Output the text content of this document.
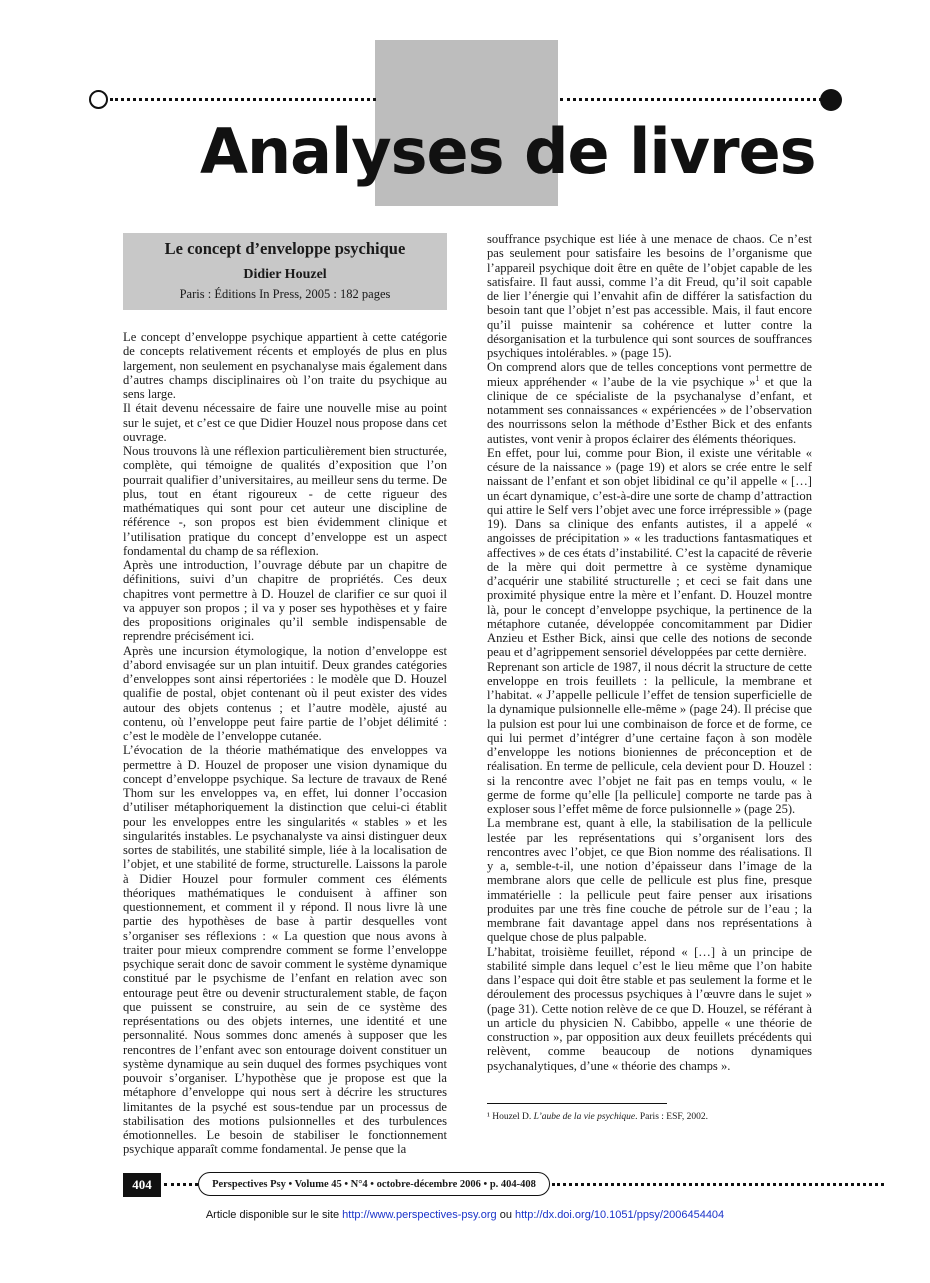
Analyses de livres
Le concept d’enveloppe psychique
Didier Houzel
Paris : Éditions In Press, 2005 : 182 pages

Le concept d’enveloppe psychique appartient à cette catégorie de concepts relativement récents et employés de plus en plus largement, non seulement en psychanalyse mais également dans d’autres champs disciplinaires où l’on traite du psychique au sens large.

Il était devenu nécessaire de faire une nouvelle mise au point sur le sujet, et c’est ce que Didier Houzel nous propose dans cet ouvrage.

Nous trouvons là une réflexion particulièrement bien structurée, complète, qui témoigne de qualités d’exposition que l’on pourrait qualifier d’universitaires, au meilleur sens du terme. De plus, tout en étant rigoureux - de cette rigueur des mathématiques qui sont pour cet auteur une discipline de référence -, son propos est bien évidemment clinique et l’utilisation pratique du concept d’enveloppe est un aspect fondamental du champ de sa réflexion.

Après une introduction, l’ouvrage débute par un chapitre de définitions, suivi d’un chapitre de propriétés. Ces deux chapitres vont permettre à D. Houzel de clarifier ce sur quoi il va appuyer son propos ; il va y poser ses hypothèses et y faire des propositions originales qu’il semble indispensable de reprendre précisément ici.

Après une incursion étymologique, la notion d’enveloppe est d’abord envisagée sur un plan intuitif. Deux grandes catégories d’enveloppes sont ainsi répertoriées : le modèle que D. Houzel qualifie de postal, objet contenant où il peut exister des vides autour des objets contenus ; et l’autre modèle, ajusté au contenu, où l’enveloppe peut faire partie de l’objet délimité : c’est le modèle de l’enveloppe cutanée.

L’évocation de la théorie mathématique des enveloppes va permettre à D. Houzel de proposer une vision dynamique du concept d’enveloppe psychique. Sa lecture de travaux de René Thom sur les enveloppes va, en effet, lui donner l’occasion d’utiliser métaphoriquement la distinction que celui-ci établit pour les enveloppes entre les singularités « stables » et les singularités instables. Le psychanalyste va ainsi distinguer deux sortes de stabilités, une stabilité simple, liée à la localisation de l’objet, et une stabilité de forme, structurelle. Laissons la parole à Didier Houzel pour formuler comment ces éléments théoriques mathématiques le conduisent à affiner son questionnement, et comment il y répond. Il nous livre là une partie des hypothèses de base à partir desquelles vont s’organiser ses réflexions : « La question que nous avons à traiter pour mieux comprendre comment se forme l’enveloppe psychique serait donc de savoir comment le système dynamique constitué par le psychisme de l’enfant en relation avec son entourage peut être ou devenir structuralement stable, de façon que puissent se construire, au sein de ce système des représentations ou des objets internes, une identité et une personnalité. Nous sommes donc amenés à supposer que les rencontres de l’enfant avec son entourage doivent constituer un système dynamique au sein duquel des formes psychiques vont pouvoir s’organiser. L’hypothèse que je propose est que la métaphore d’enveloppe qui nous sert à décrire les structures limitantes de la psyché est sous-tendue par un processus de stabilisation des motions pulsionnelles et des turbulences émotionnelles. Le besoin de stabiliser le fonctionnement psychique apparaît comme fondamental. Je pense que la

souffrance psychique est liée à une menace de chaos. Ce n’est pas seulement pour satisfaire les besoins de l’organisme que l’appareil psychique doit être en quête de l’objet capable de les satisfaire. Il faut aussi, comme l’a dit Freud, qu’il soit capable de lier l’énergie qui l’envahit afin de différer la satisfaction du besoin tant que l’objet n’est pas accessible. Mais, il faut encore qu’il puisse maintenir sa cohérence et lutter contre la désorganisation et la turbulence qui sont sources de souffrances psychiques intolérables. » (page 15).

On comprend alors que de telles conceptions vont permettre de mieux appréhender « l’aube de la vie psychique »$^1$ et que la clinique de ce spécialiste de la psychanalyse d’enfant, et notamment ses connaissances « expériencées » de l’observation des nourrissons selon la méthode d’Esther Bick et des enfants autistes, vont venir à propos éclairer des éléments théoriques.

En effet, pour lui, comme pour Bion, il existe une véritable « césure de la naissance » (page 19) et alors se crée entre le self naissant de l’enfant et son objet libidinal ce qu’il appelle « […] un écart dynamique, c’est-à-dire une sorte de champ d’attraction qui attire le Self vers l’objet avec une force irrépressible » (page 19). Dans sa clinique des enfants autistes, il a appelé « angoisses de précipitation » « les traductions fantasmatiques et affectives » de ces états d’instabilité. C’est la capacité de rêverie de la mère qui doit permettre à ce système dynamique d’acquérir une stabilité structurelle ; et ceci se fait dans une proximité physique entre la mère et l’enfant. D. Houzel montre là, pour le concept d’enveloppe psychique, la pertinence de la métaphore cutanée, développée concomitamment par Didier Anzieu et Esther Bick, ainsi que celle des notions de seconde peau et d’agrippement sensoriel développées par cette dernière.

Reprenant son article de 1987, il nous décrit la structure de cette enveloppe en trois feuillets : la pellicule, la membrane et l’habitat. « J’appelle pellicule l’effet de tension superficielle de la dynamique pulsionnelle elle-même » (page 24). Il précise que la pulsion est pour lui une combinaison de force et de forme, ce qui lui permet d’intégrer d’une certaine façon à son modèle d’enveloppe les notions bioniennes de préconception et de réalisation. En terme de pellicule, cela devient pour D. Houzel : si la rencontre avec l’objet ne fait pas en temps voulu, « le germe de forme qu’elle [la pellicule] comporte ne tarde pas à exploser sous l’effet même de force pulsionnelle » (page 25).

La membrane est, quant à elle, la stabilisation de la pellicule lestée par les représentations qui s’organisent lors des rencontres avec l’objet, ce que Bion nomme des réalisations. Il y a, semble-t-il, une notion d’épaisseur dans l’image de la membrane alors que celle de pellicule est plus fine, presque immatérielle : la pellicule peut faire penser aux irisations produites par une très fine couche de pétrole sur de l’eau ; la membrane fait davantage appel dans nos représentations à quelque chose de plus palpable.

L’habitat, troisième feuillet, répond « […] à un principe de stabilité simple dans lequel c’est le lieu même que l’on habite dans l’espace qui doit être stable et pas seulement la forme et le déroulement des processus psychiques à l’œuvre dans le sujet » (page 31). Cette notion relève de ce que D. Houzel, se référant à un article du physicien N. Cabibbo, appelle « une théorie de construction », par opposition aux deux feuillets précédents qui relèvent, comme beaucoup de notions dynamiques psychanalytiques, d’une « théorie des champs ».

¹ Houzel D. L’aube de la vie psychique. Paris : ESF, 2002.
404	Perspectives Psy • Volume 45 • N°4 • octobre-décembre 2006 • p. 404-408
Article disponible sur le site http://www.perspectives-psy.org ou http://dx.doi.org/10.1051/ppsy/2006454404
